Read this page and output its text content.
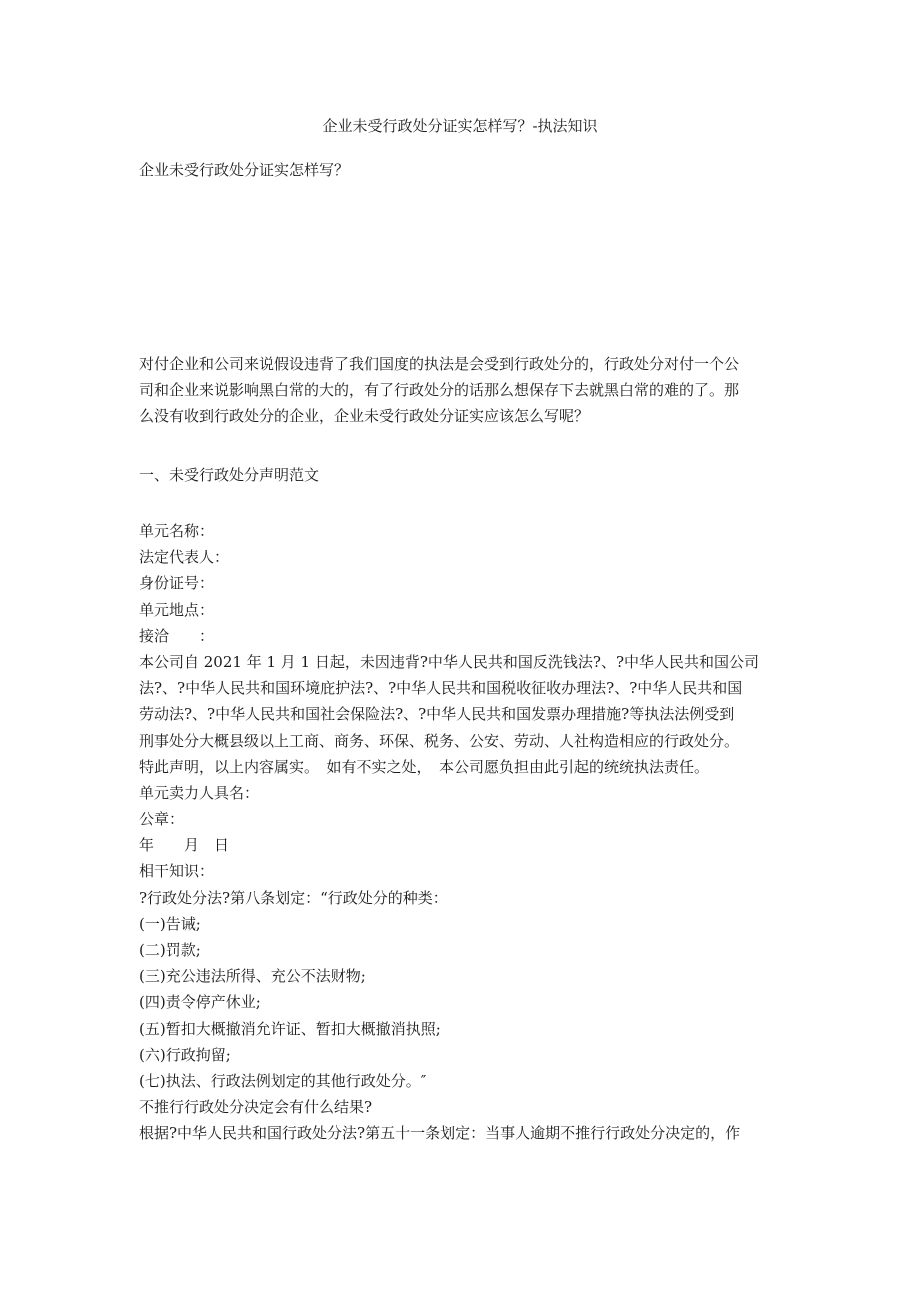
企业未受行政处分证实怎样写？-执法知识
企业未受行政处分证实怎样写？
对付企业和公司来说假设违背了我们国度的执法是会受到行政处分的，行政处分对付一个公
司和企业来说影响黑白常的大的，有了行政处分的话那么想保存下去就黑白常的难的了。那
么没有收到行政处分的企业，企业未受行政处分证实应该怎么写呢？
一、未受行政处分声明范文
单元名称：
法定代表人：
身份证号：
单元地点：
接洽　　：
本公司自 2021 年 1 月 1 日起，未因违背?中华人民共和国反洗钱法?、?中华人民共和国公司
法?、?中华人民共和国环境庇护法?、?中华人民共和国税收征收办理法?、?中华人民共和国
劳动法?、?中华人民共和国社会保险法?、?中华人民共和国发票办理措施?等执法法例受到
刑事处分大概县级以上工商、商务、环保、税务、公安、劳动、人社构造相应的行政处分。
特此声明，以上内容属实。　如有不实之处，　本公司愿负担由此引起的统统执法责任。
单元卖力人具名：
公章：
年　　月　日
相干知识：
?行政处分法?第八条划定：“行政处分的种类：
(一)告诫;
(二)罚款;
(三)充公违法所得、充公不法财物;
(四)责令停产休业;
(五)暂扣大概撤消允许证、暂扣大概撤消执照;
(六)行政拘留;
(七)执法、行政法例划定的其他行政处分。″
不推行行政处分决定会有什么结果?
根据?中华人民共和国行政处分法?第五十一条划定：当事人逾期不推行行政处分决定的，作
